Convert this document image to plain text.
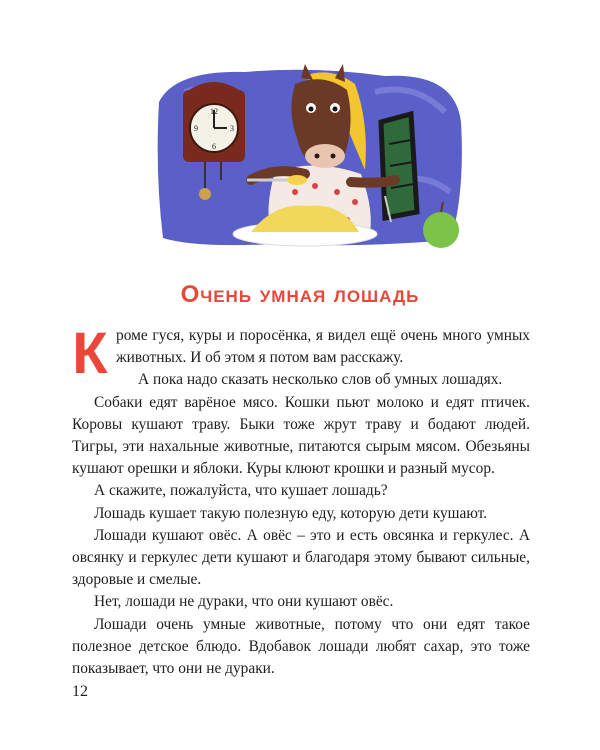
12
3
6
9
Очень умная лошадь
К роме гуся, куры и поросёнка, я видел ещё очень много умных животных. И об этом я потом вам расскажу.

А пока надо сказать несколько слов об умных лошадях.

Собаки едят варёное мясо. Кошки пьют молоко и едят птичек. Коровы кушают траву. Быки тоже жрут траву и бодают людей. Тигры, эти нахальные животные, питаются сырым мясом. Обезьяны кушают орешки и яблоки. Куры клюют крошки и разный мусор.

А скажите, пожалуйста, что кушает лошадь?

Лошадь кушает такую полезную еду, которую дети кушают.

Лошади кушают овёс. А овёс – это и есть овсянка и геркулес. А овсянку и геркулес дети кушают и благодаря этому бывают сильные, здоровые и смелые.

Нет, лошади не дураки, что они кушают овёс.

Лошади очень умные животные, потому что они едят такое полезное детское блюдо. Вдобавок лошади любят сахар, это тоже показывает, что они не дураки.

12
